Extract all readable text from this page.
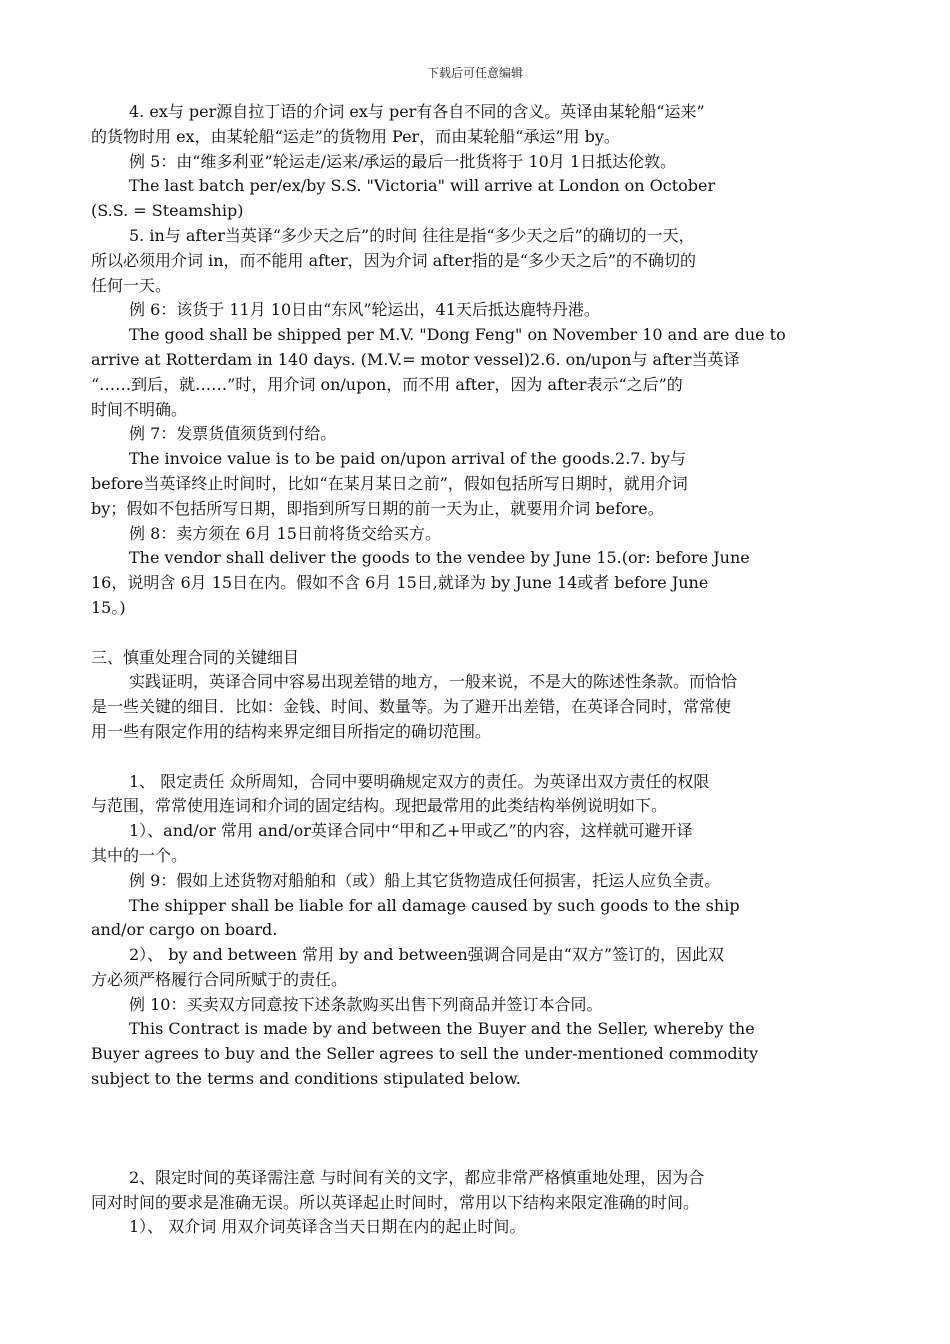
下载后可任意编辑
4. ex与 per源自拉丁语的介词 ex与 per有各自不同的含义。英译由某轮船“运来”
的货物时用 ex，由某轮船“运走”的货物用 Per，而由某轮船“承运”用 by。
例 5：由“维多利亚”轮运走/运来/承运的最后一批货将于 10月 1日抵达伦敦。
The last batch per/ex/by S.S. "Victoria" will arrive at London on October
(S.S. = Steamship)
5. in与 after当英译“多少天之后”的时间 往往是指“多少天之后”的确切的一天，
所以必须用介词 in，而不能用 after，因为介词 after指的是“多少天之后”的不确切的
任何一天。
例 6：该货于 11月 10日由“东风”轮运出，41天后抵达鹿特丹港。
The good shall be shipped per M.V. "Dong Feng" on November 10 and are due to
arrive at Rotterdam in 140 days. (M.V.= motor vessel)2.6. on/upon与 after当英译
“……到后，就……”时，用介词 on/upon，而不用 after，因为 after表示“之后”的
时间不明确。
例 7：发票货值须货到付给。
The invoice value is to be paid on/upon arrival of the goods.2.7. by与
before当英译终止时间时，比如“在某月某日之前”，假如包括所写日期时，就用介词
by；假如不包括所写日期，即指到所写日期的前一天为止，就要用介词 before。
例 8：卖方须在 6月 15日前将货交给买方。
The vendor shall deliver the goods to the vendee by June 15.(or: before June
16，说明含 6月 15日在内。假如不含 6月 15日,就译为 by June 14或者 before June
15。)
三、慎重处理合同的关键细目
实践证明，英译合同中容易出现差错的地方，一般来说，不是大的陈述性条款。而恰恰
是一些关键的细目．比如：金钱、时间、数量等。为了避开出差错，在英译合同时，常常使
用一些有限定作用的结构来界定细目所指定的确切范围。
1、 限定责任 众所周知，合同中要明确规定双方的责任。为英译出双方责任的权限
与范围，常常使用连词和介词的固定结构。现把最常用的此类结构举例说明如下。
1）、and/or 常用 and/or英译合同中“甲和乙+甲或乙”的内容，这样就可避开译
其中的一个。
例 9：假如上述货物对船舶和（或）船上其它货物造成任何损害，托运人应负全责。
The shipper shall be liable for all damage caused by such goods to the ship
and/or cargo on board.
2）、 by and between 常用 by and between强调合同是由“双方”签订的，因此双
方必须严格履行合同所赋于的责任。
例 10：买卖双方同意按下述条款购买出售下列商品并签订本合同。
This Contract is made by and between the Buyer and the Seller, whereby the
Buyer agrees to buy and the Seller agrees to sell the under-mentioned commodity
subject to the terms and conditions stipulated below.
2、限定时间的英译需注意 与时间有关的文字，都应非常严格慎重地处理，因为合
同对时间的要求是准确无误。所以英译起止时间时，常用以下结构来限定准确的时间。
1）、 双介词 用双介词英译含当天日期在内的起止时间。
